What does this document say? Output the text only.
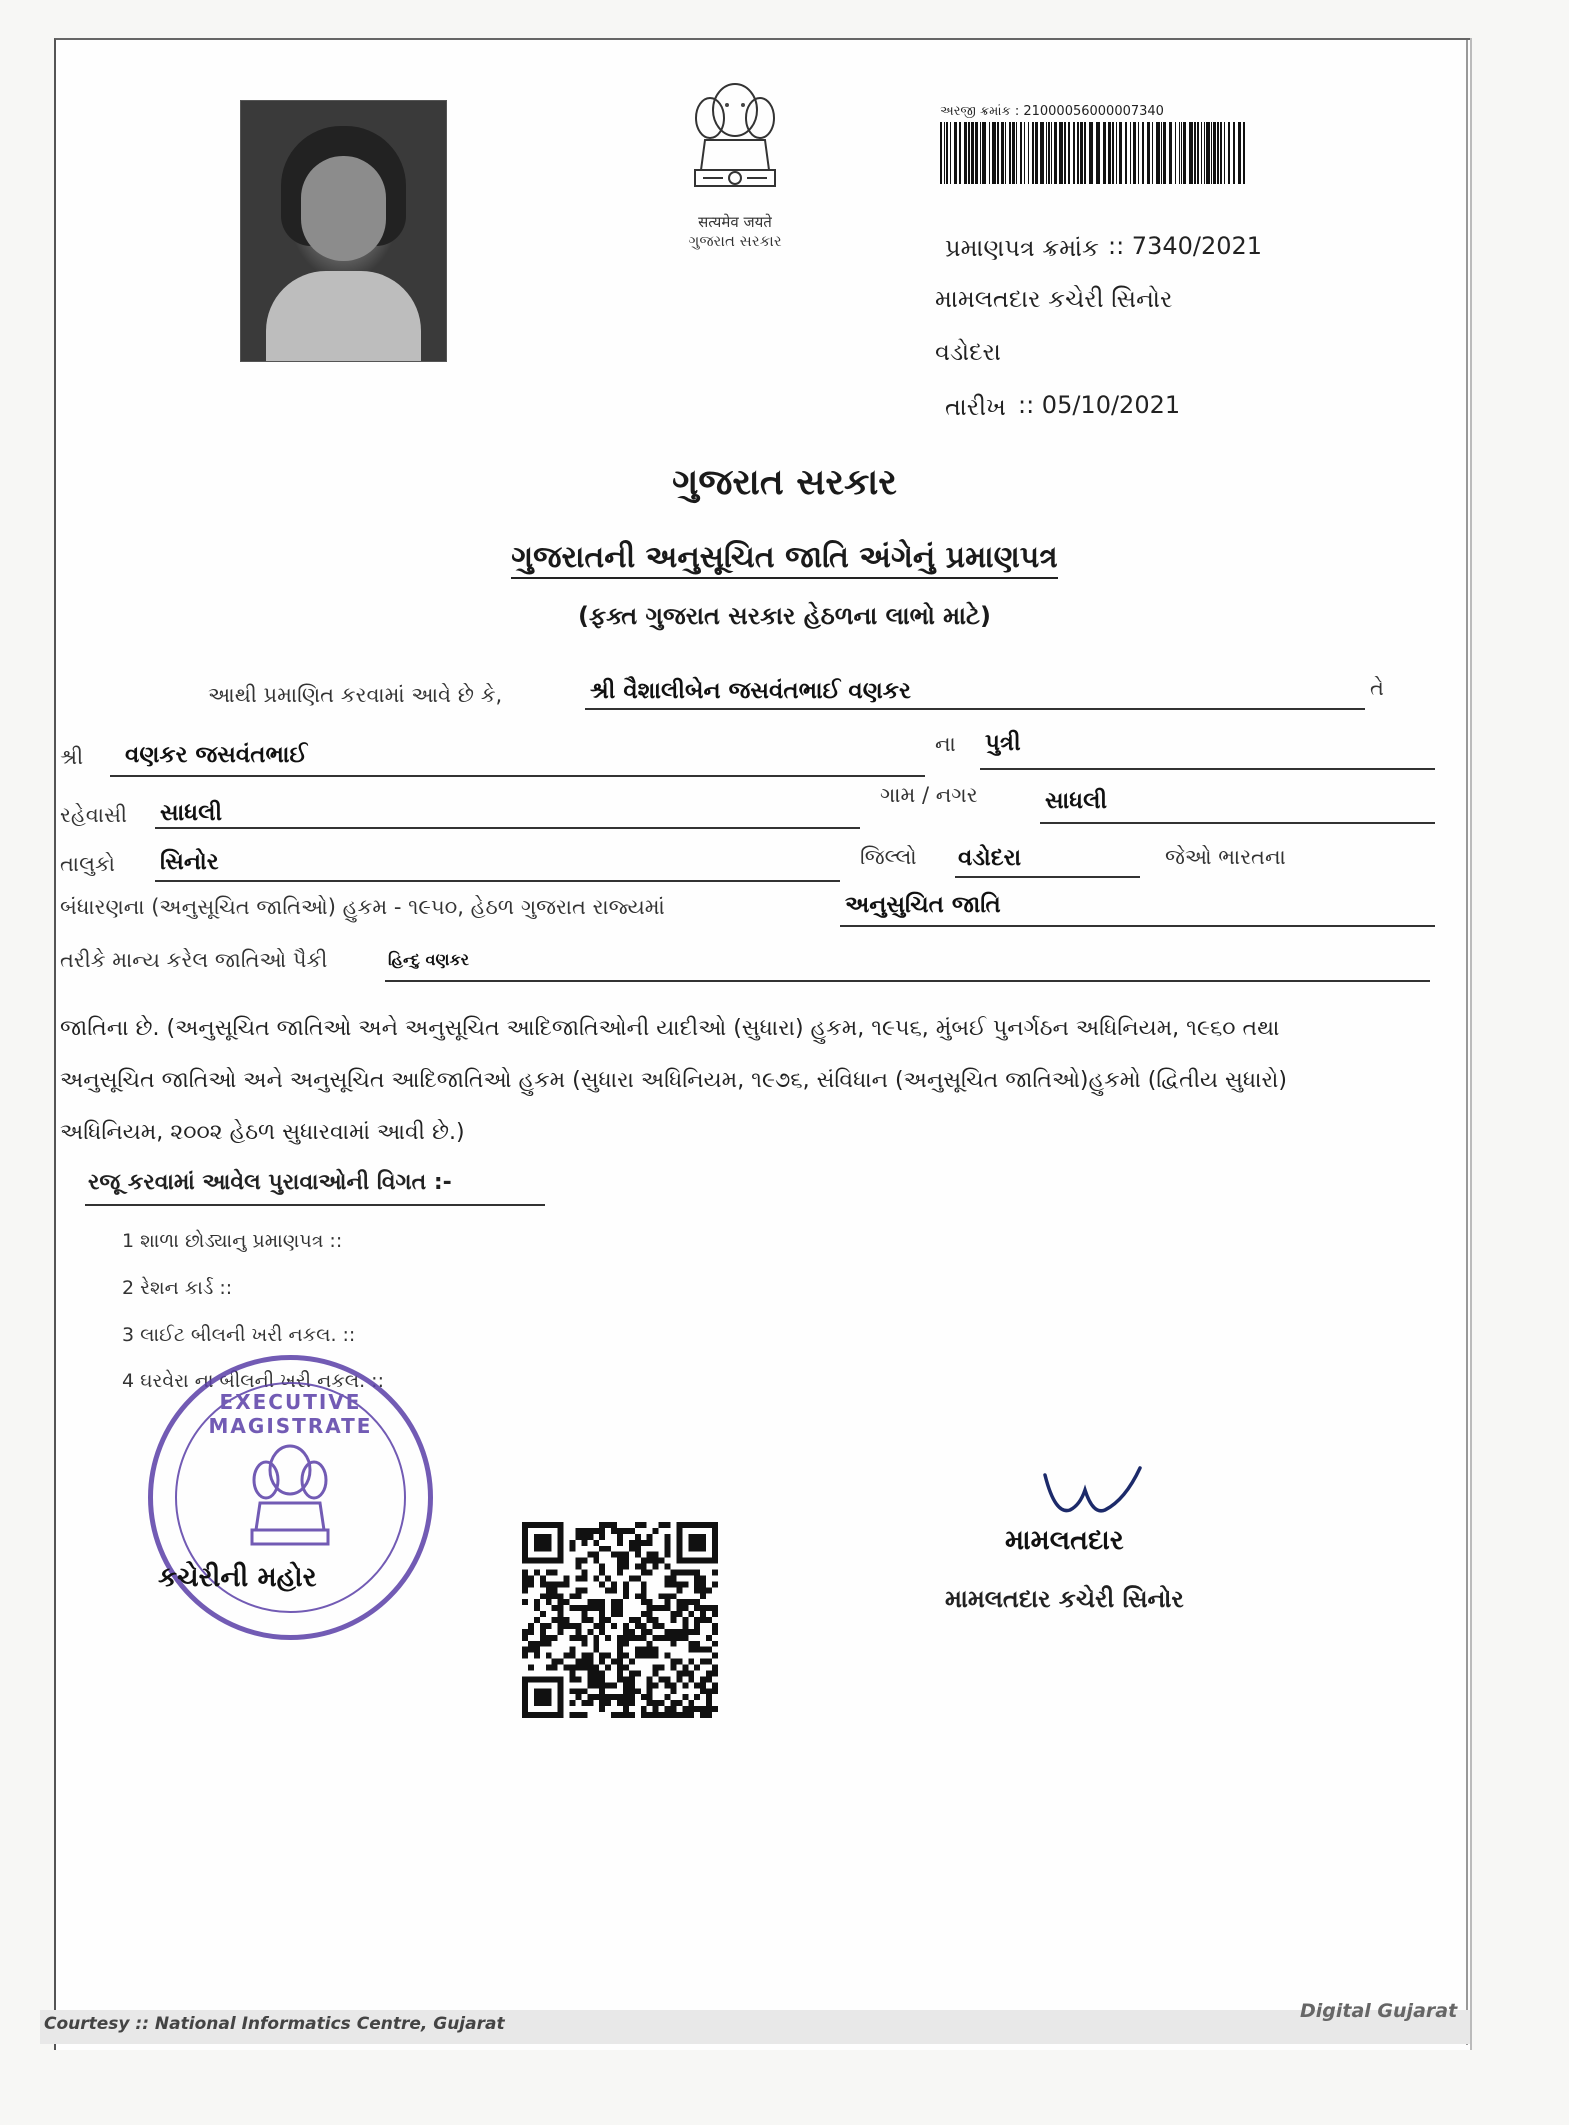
सत्यमेव जयते
ગુજરાત સરકાર
અરજી ક્રમાંક : 21000056000007340
પ્રમાણપત્ર ક્રમાંક :: 7340/2021
મામલતદાર કચેરી સિનોર
વડોદરા
તારીખ :: 05/10/2021
ગુજરાત સરકાર
ગુજરાતની અનુસૂચિત જાતિ અંગેનું પ્રમાણપત્ર
(ફક્ત ગુજરાત સરકાર હેઠળના લાભો માટે)
આથી પ્રમાણિત કરવામાં આવે છે કે,	શ્રી વૈશાલીબેન જસવંતભાઈ વણકર	તે
શ્રી વણકર જસવંતભાઈ	ના પુત્રી
રહેવાસી સાધલી
ગામ / નગર	સાધલી
તાલુકો સિનોર	જિલ્લો વડોદરા	જેઓ ભારતના
બંધારણના (અનુસૂચિત જાતિઓ) હુકમ - ૧૯૫૦, હેઠળ ગુજરાત રાજ્યમાં	અનુસુચિત જાતિ
તરીકે માન્ય કરેલ જાતિઓ પૈકી	હિન્દુ વણકર
જાતિના છે. (અનુસૂચિત જાતિઓ અને અનુસૂચિત આદિજાતિઓની યાદીઓ (સુધારા) હુકમ, ૧૯૫૬, મુંબઈ પુનર્ગઠન અધિનિયમ, ૧૯૬૦ તથા
અનુસૂચિત જાતિઓ અને અનુસૂચિત આદિજાતિઓ હુકમ (સુધારા અધિનિયમ, ૧૯૭૬, સંવિધાન (અનુસૂચિત જાતિઓ)હુકમો (દ્વિતીય સુધારો)
અધિનિયમ, ૨૦૦૨ હેઠળ સુધારવામાં આવી છે.)
રજૂ કરવામાં આવેલ પુરાવાઓની વિગત :-
1 શાળા છોડ્યાનુ પ્રમાણપત્ર ::
2 રેશન કાર્ડ ::
3 લાઈટ બીલની ખરી નકલ. ::
4 ઘરવેરા ના બીલની ખરી નકલ. ::
EXECUTIVE MAGISTRATE
કચેરીની મહોર
મામલતદાર
મામલતદાર કચેરી સિનોર
Courtesy :: National Informatics Centre, Gujarat
Digital Gujarat
